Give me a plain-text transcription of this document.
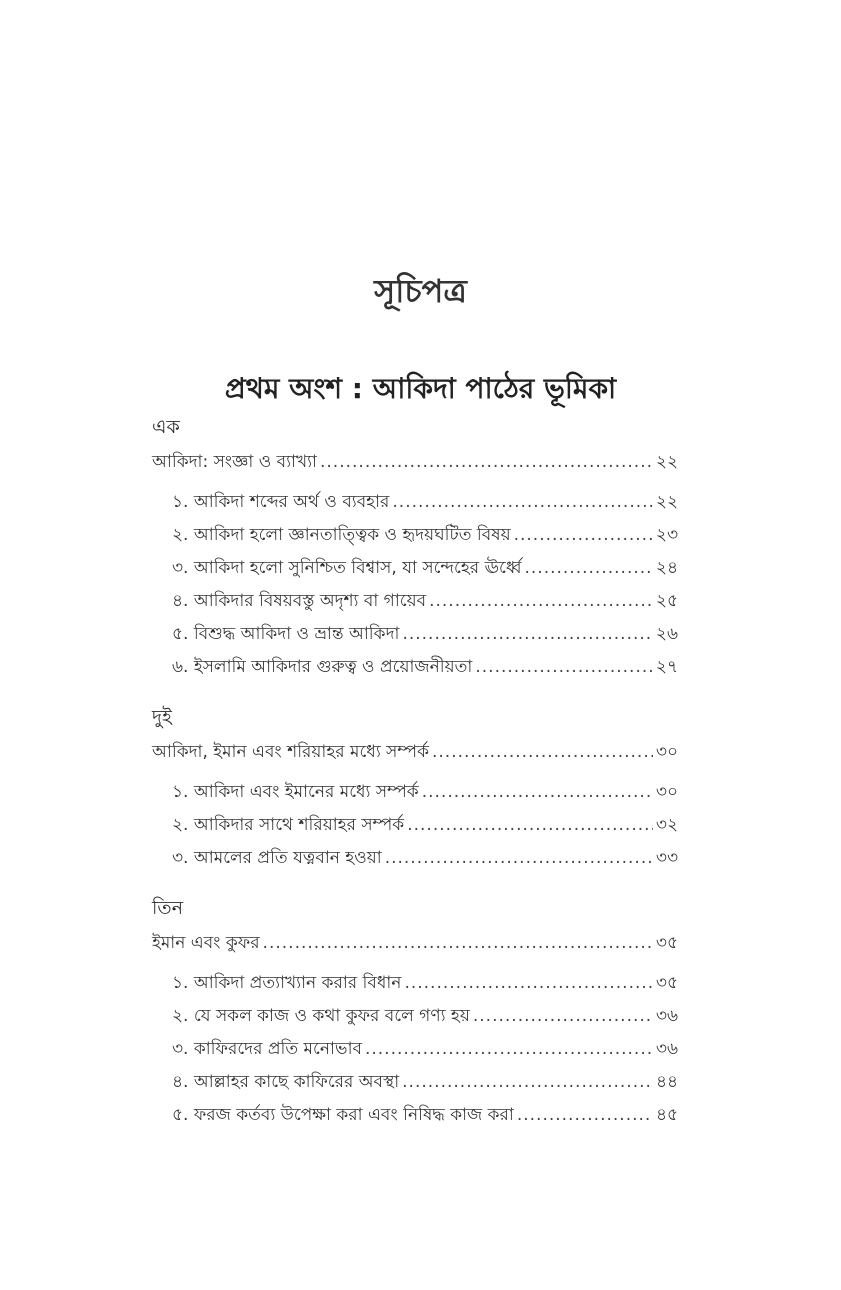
সূচিপত্র
প্রথম অংশ : আকিদা পাঠের ভূমিকা
এক
আকিদা: সংজ্ঞা ও ব্যাখ্যা .....	২২
১. আকিদা শব্দের অর্থ ও ব্যবহার .....	২২
২. আকিদা হলো জ্ঞানতাত্ত্বিক ও হৃদয়ঘটিত বিষয় .....	২৩
৩. আকিদা হলো সুনিশ্চিত বিশ্বাস, যা সন্দেহের ঊর্ধ্বে .....	২৪
৪. আকিদার বিষয়বস্তু অদৃশ্য বা গায়েব .....	২৫
৫. বিশুদ্ধ আকিদা ও ভ্রান্ত আকিদা .....	২৬
৬. ইসলামি আকিদার গুরুত্ব ও প্রয়োজনীয়তা .....	২৭
দুই
আকিদা, ইমান এবং শরিয়াহর মধ্যে সম্পর্ক .....	৩০
১. আকিদা এবং ইমানের মধ্যে সম্পর্ক .....	৩০
২. আকিদার সাথে শরিয়াহর সম্পর্ক .....	৩২
৩. আমলের প্রতি যত্নবান হওয়া .....	৩৩
তিন
ইমান এবং কুফর .....	৩৫
১. আকিদা প্রত্যাখ্যান করার বিধান .....	৩৫
২. যে সকল কাজ ও কথা কুফর বলে গণ্য হয় .....	৩৬
৩. কাফিরদের প্রতি মনোভাব .....	৩৬
৪. আল্লাহর কাছে কাফিরের অবস্থা .....	৪৪
৫. ফরজ কর্তব্য উপেক্ষা করা এবং নিষিদ্ধ কাজ করা .....	৪৫
